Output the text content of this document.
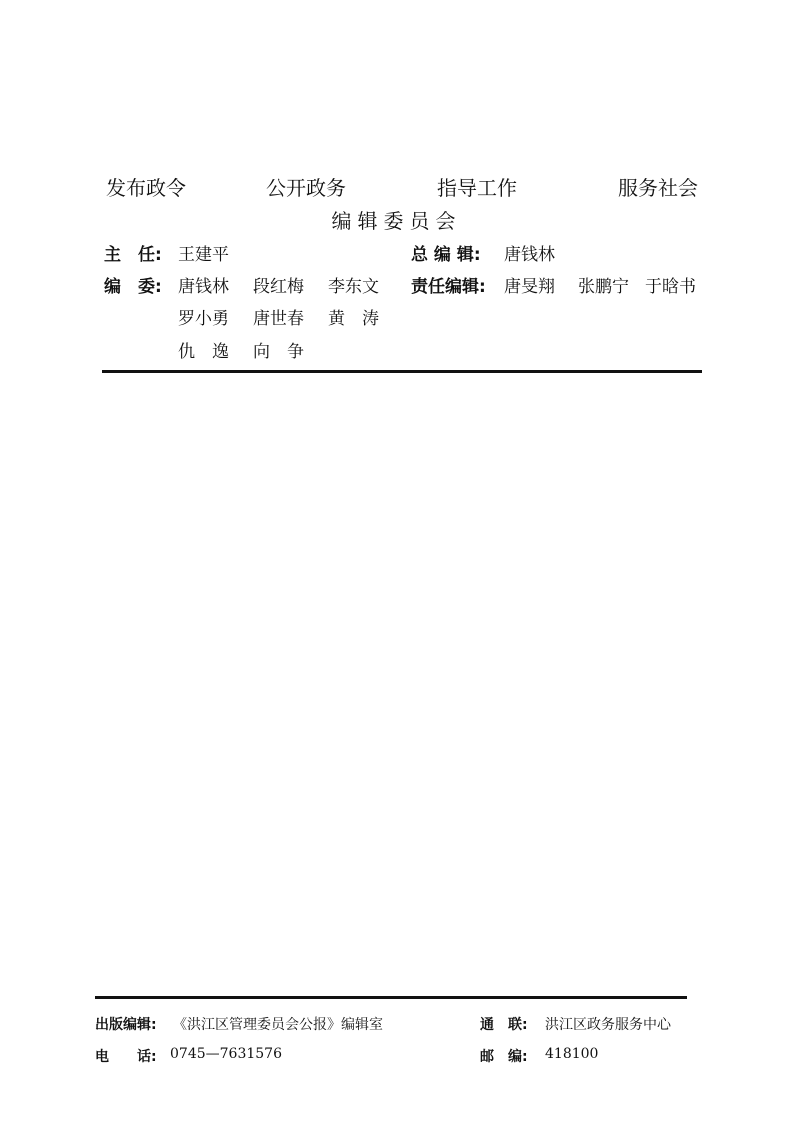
发布政令	公开政务	指导工作	服务社会
编辑委员会
主　任: 王建平	总 编 辑: 唐钱林
编　委: 唐钱林 段红梅 李东文 责任编辑: 唐旻翔 张鹏宁 于晗书
罗小勇 唐世春 黄　涛
仇　逸 向　争
出版编辑: 《洪江区管理委员会公报》编辑室	通　联: 洪江区政务服务中心
电　　话: 0745—7631576	邮　编: 418100
